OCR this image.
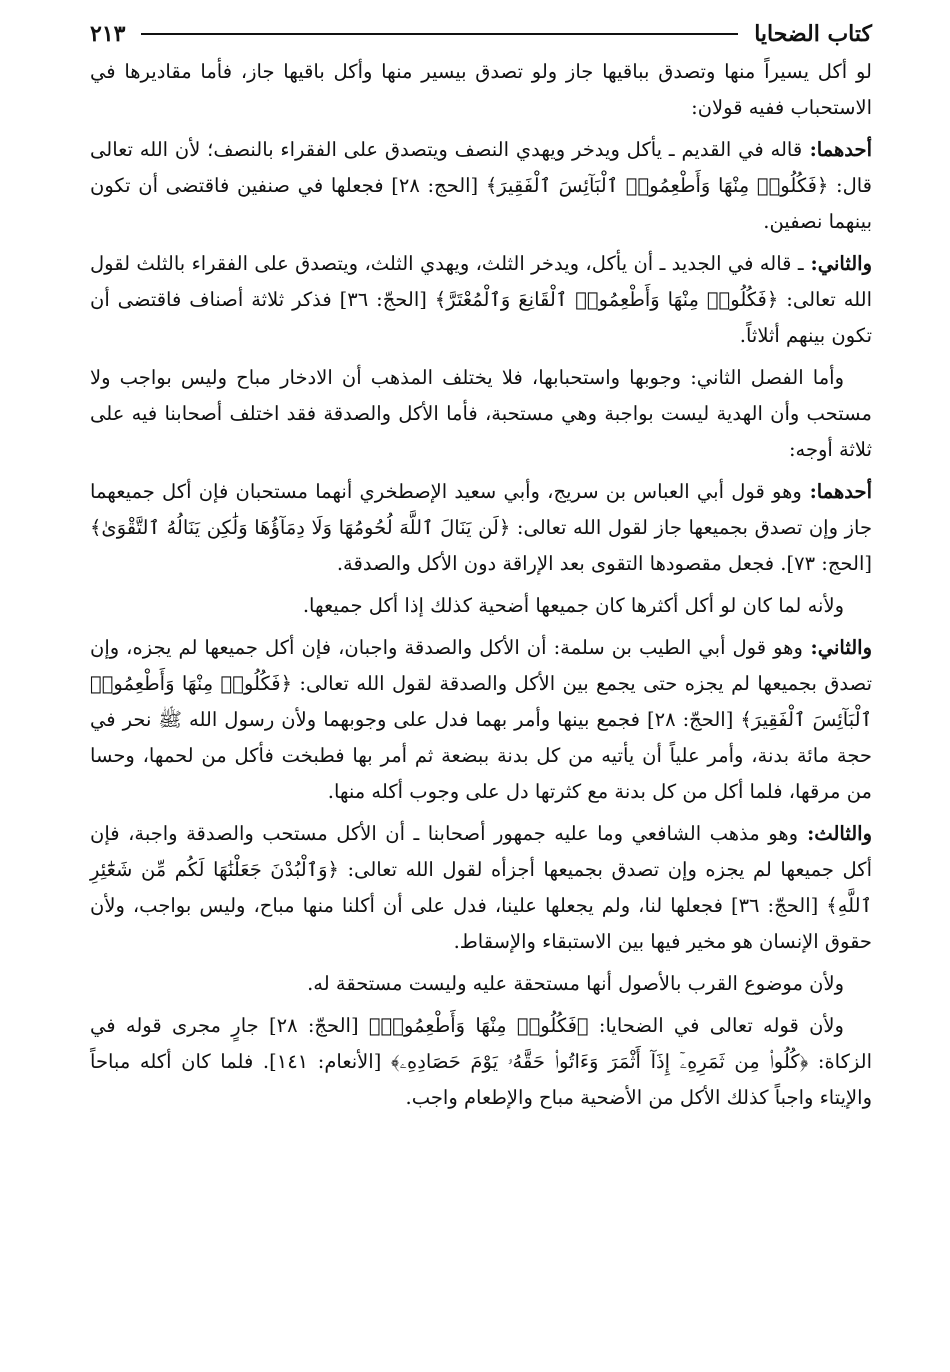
كتاب الضحايا
٢١٣

لو أكل يسيراً منها وتصدق بباقيها جاز ولو تصدق بيسير منها وأكل باقيها جاز، فأما مقاديرها في الاستحباب ففيه قولان:

أحدهما: قاله في القديم ـ يأكل ويدخر ويهدي النصف ويتصدق على الفقراء بالنصف؛ لأن الله تعالى قال: ﴿فَكُلُوا۟ مِنْهَا وَأَطْعِمُوا۟ ٱلْبَآئِسَ ٱلْفَقِيرَ﴾ [الحج: ٢٨] فجعلها في صنفين فاقتضى أن تكون بينهما نصفين.

والثاني: ـ قاله في الجديد ـ أن يأكل، ويدخر الثلث، ويهدي الثلث، ويتصدق على الفقراء بالثلث لقول الله تعالى: ﴿فَكُلُوا۟ مِنْهَا وَأَطْعِمُوا۟ ٱلْقَانِعَ وَٱلْمُعْتَرَّ﴾ [الحجّ: ٣٦] فذكر ثلاثة أصناف فاقتضى أن تكون بينهم أثلاثاً.

وأما الفصل الثاني: وجوبها واستحبابها، فلا يختلف المذهب أن الادخار مباح وليس بواجب ولا مستحب وأن الهدية ليست بواجبة وهي مستحبة، فأما الأكل والصدقة فقد اختلف أصحابنا فيه على ثلاثة أوجه:

أحدهما: وهو قول أبي العباس بن سريج، وأبي سعيد الإصطخري أنهما مستحبان فإن أكل جميعهما جاز وإن تصدق بجميعها جاز لقول الله تعالى: ﴿لَن يَنَالَ ٱللَّهَ لُحُومُهَا وَلَا دِمَآؤُهَا وَلَٰكِن يَنَالُهُ ٱلتَّقْوَىٰ﴾ [الحج: ٧٣]. فجعل مقصودها التقوى بعد الإراقة دون الأكل والصدقة.

ولأنه لما كان لو أكل أكثرها كان جميعها أضحية كذلك إذا أكل جميعها.

والثاني: وهو قول أبي الطيب بن سلمة: أن الأكل والصدقة واجبان، فإن أكل جميعها لم يجزه، وإن تصدق بجميعها لم يجزه حتى يجمع بين الأكل والصدقة لقول الله تعالى: ﴿فَكُلُوا۟ مِنْهَا وَأَطْعِمُوا۟ ٱلْبَآئِسَ ٱلْفَقِيرَ﴾ [الحجّ: ٢٨] فجمع بينها وأمر بهما فدل على وجوبهما ولأن رسول الله ﷺ نحر في حجة مائة بدنة، وأمر علياً أن يأتيه من كل بدنة ببضعة ثم أمر بها فطبخت فأكل من لحمها، وحسا من مرقها، فلما أكل من كل بدنة مع كثرتها دل على وجوب أكله منها.

والثالث: وهو مذهب الشافعي وما عليه جمهور أصحابنا ـ أن الأكل مستحب والصدقة واجبة، فإن أكل جميعها لم يجزه وإن تصدق بجميعها أجزأه لقول الله تعالى: ﴿وَٱلْبُدْنَ جَعَلْنَٰهَا لَكُم مِّن شَعَٰٓئِرِ ٱللَّهِ﴾ [الحجّ: ٣٦] فجعلها لنا، ولم يجعلها علينا، فدل على أن أكلنا منها مباح، وليس بواجب، ولأن حقوق الإنسان هو مخير فيها بين الاستبقاء والإسقاط.

ولأن موضوع القرب بالأصول أنها مستحقة عليه وليست مستحقة له.

ولأن قوله تعالى في الضحايا: ﴿فَكُلُوا۟ مِنْهَا وَأَطْعِمُوا۟﴾ [الحجّ: ٢٨] جارٍ مجرى قوله في الزكاة: ﴿كُلُوا۟ مِن ثَمَرِهِۦٓ إِذَآ أَثْمَرَ وَءَاتُوا۟ حَقَّهُۥ يَوْمَ حَصَادِهِۦ﴾ [الأنعام: ١٤١]. فلما كان أكله مباحاً والإيتاء واجباً كذلك الأكل من الأضحية مباح والإطعام واجب.
